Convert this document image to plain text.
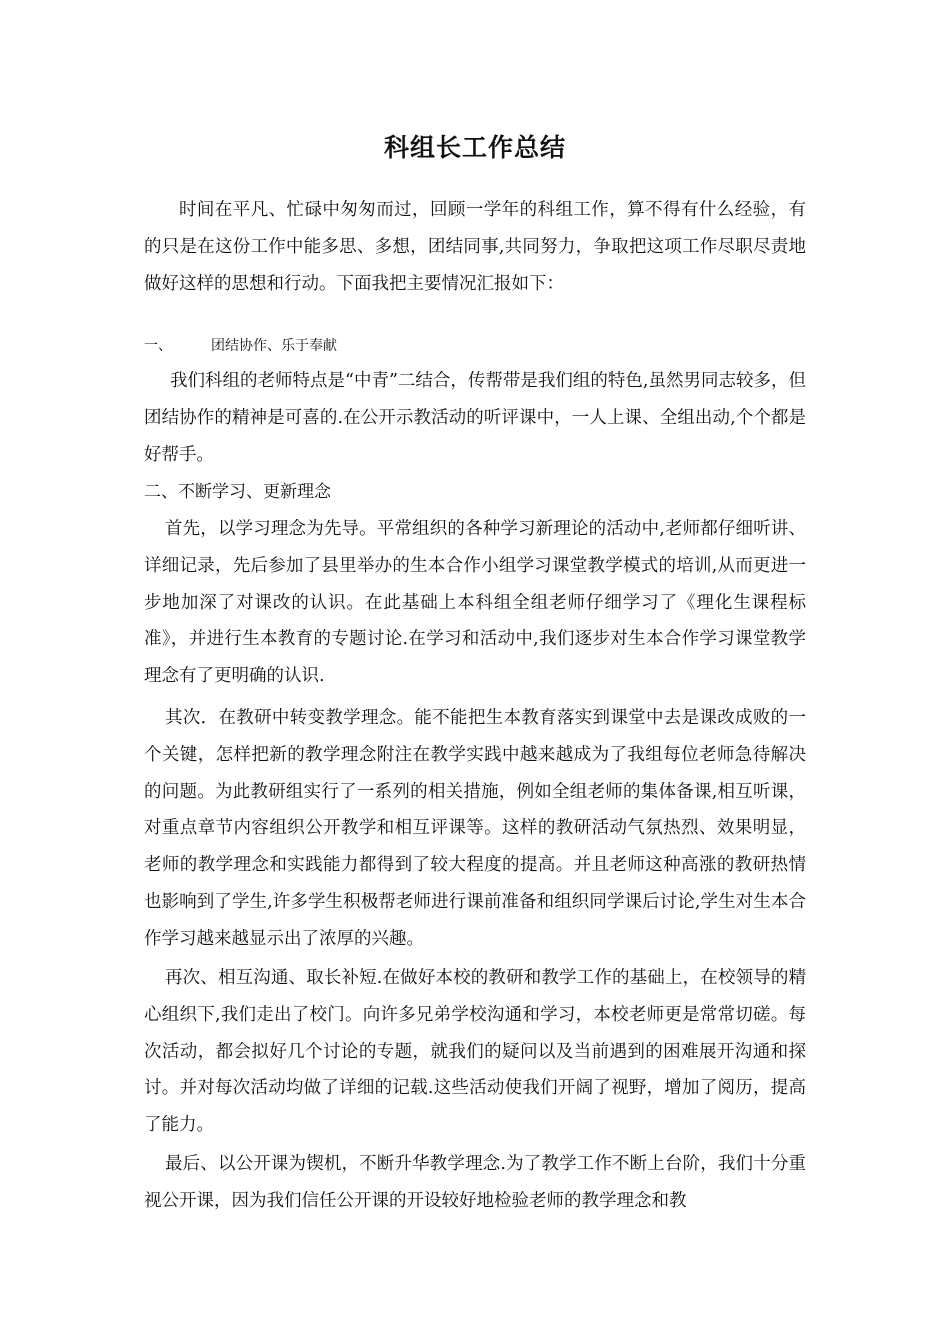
科组长工作总结

时间在平凡、忙碌中匆匆而过，回顾一学年的科组工作，算不得有什么经验，有的只是在这份工作中能多思、多想，团结同事,共同努力，争取把这项工作尽职尽责地做好这样的思想和行动。下面我把主要情况汇报如下：

一、	团结协作、乐于奉献

我们科组的老师特点是“中青”二结合，传帮带是我们组的特色,虽然男同志较多，但团结协作的精神是可喜的.在公开示教活动的听评课中，一人上课、全组出动,个个都是好帮手。

二、不断学习、更新理念

首先，以学习理念为先导。平常组织的各种学习新理论的活动中,老师都仔细听讲、详细记录，先后参加了县里举办的生本合作小组学习课堂教学模式的培训,从而更进一步地加深了对课改的认识。在此基础上本科组全组老师仔细学习了《理化生课程标准》，并进行生本教育的专题讨论.在学习和活动中,我们逐步对生本合作学习课堂教学理念有了更明确的认识.

其次．在教研中转变教学理念。能不能把生本教育落实到课堂中去是课改成败的一个关键，怎样把新的教学理念附注在教学实践中越来越成为了我组每位老师急待解决的问题。为此教研组实行了一系列的相关措施，例如全组老师的集体备课,相互听课，对重点章节内容组织公开教学和相互评课等。这样的教研活动气氛热烈、效果明显，老师的教学理念和实践能力都得到了较大程度的提高。并且老师这种高涨的教研热情也影响到了学生,许多学生积极帮老师进行课前准备和组织同学课后讨论,学生对生本合作学习越来越显示出了浓厚的兴趣。

再次、相互沟通、取长补短.在做好本校的教研和教学工作的基础上，在校领导的精心组织下,我们走出了校门。向许多兄弟学校沟通和学习，本校老师更是常常切磋。每次活动，都会拟好几个讨论的专题，就我们的疑问以及当前遇到的困难展开沟通和探讨。并对每次活动均做了详细的记载.这些活动使我们开阔了视野，增加了阅历，提高了能力。

最后、以公开课为锲机，不断升华教学理念.为了教学工作不断上台阶，我们十分重视公开课，因为我们信任公开课的开设较好地检验老师的教学理念和教
